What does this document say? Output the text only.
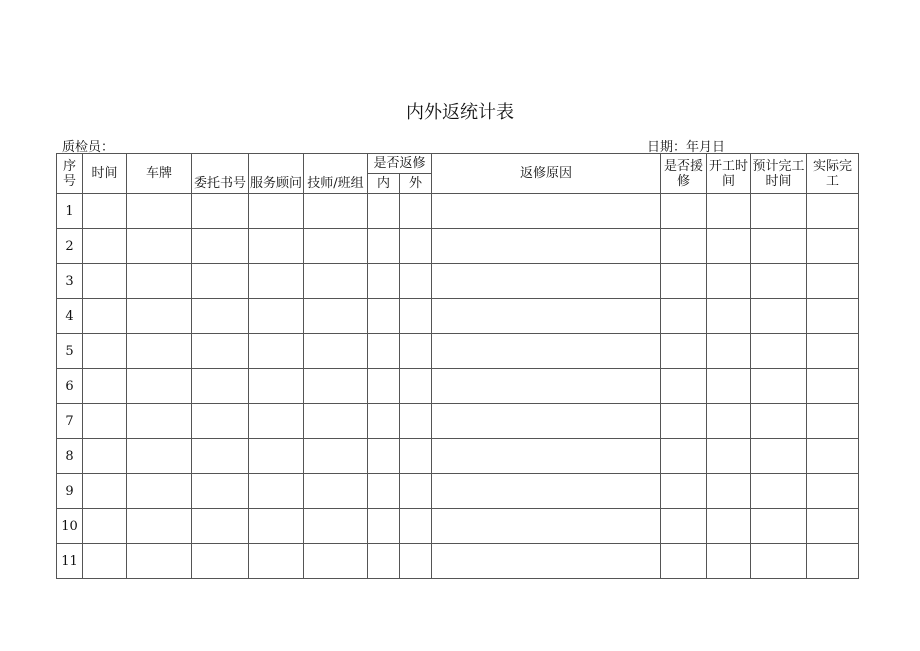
内外返统计表
质检员：	日期：年月日
序号	时间	车牌	委托书号	服务顾问	技师/班组	是否返修		返修原因	是否援修	开工时间	预计完工时间	实际完工
						内	外					
1												
2												
3												
4												
5												
6												
7												
8												
9												
10												
11												
